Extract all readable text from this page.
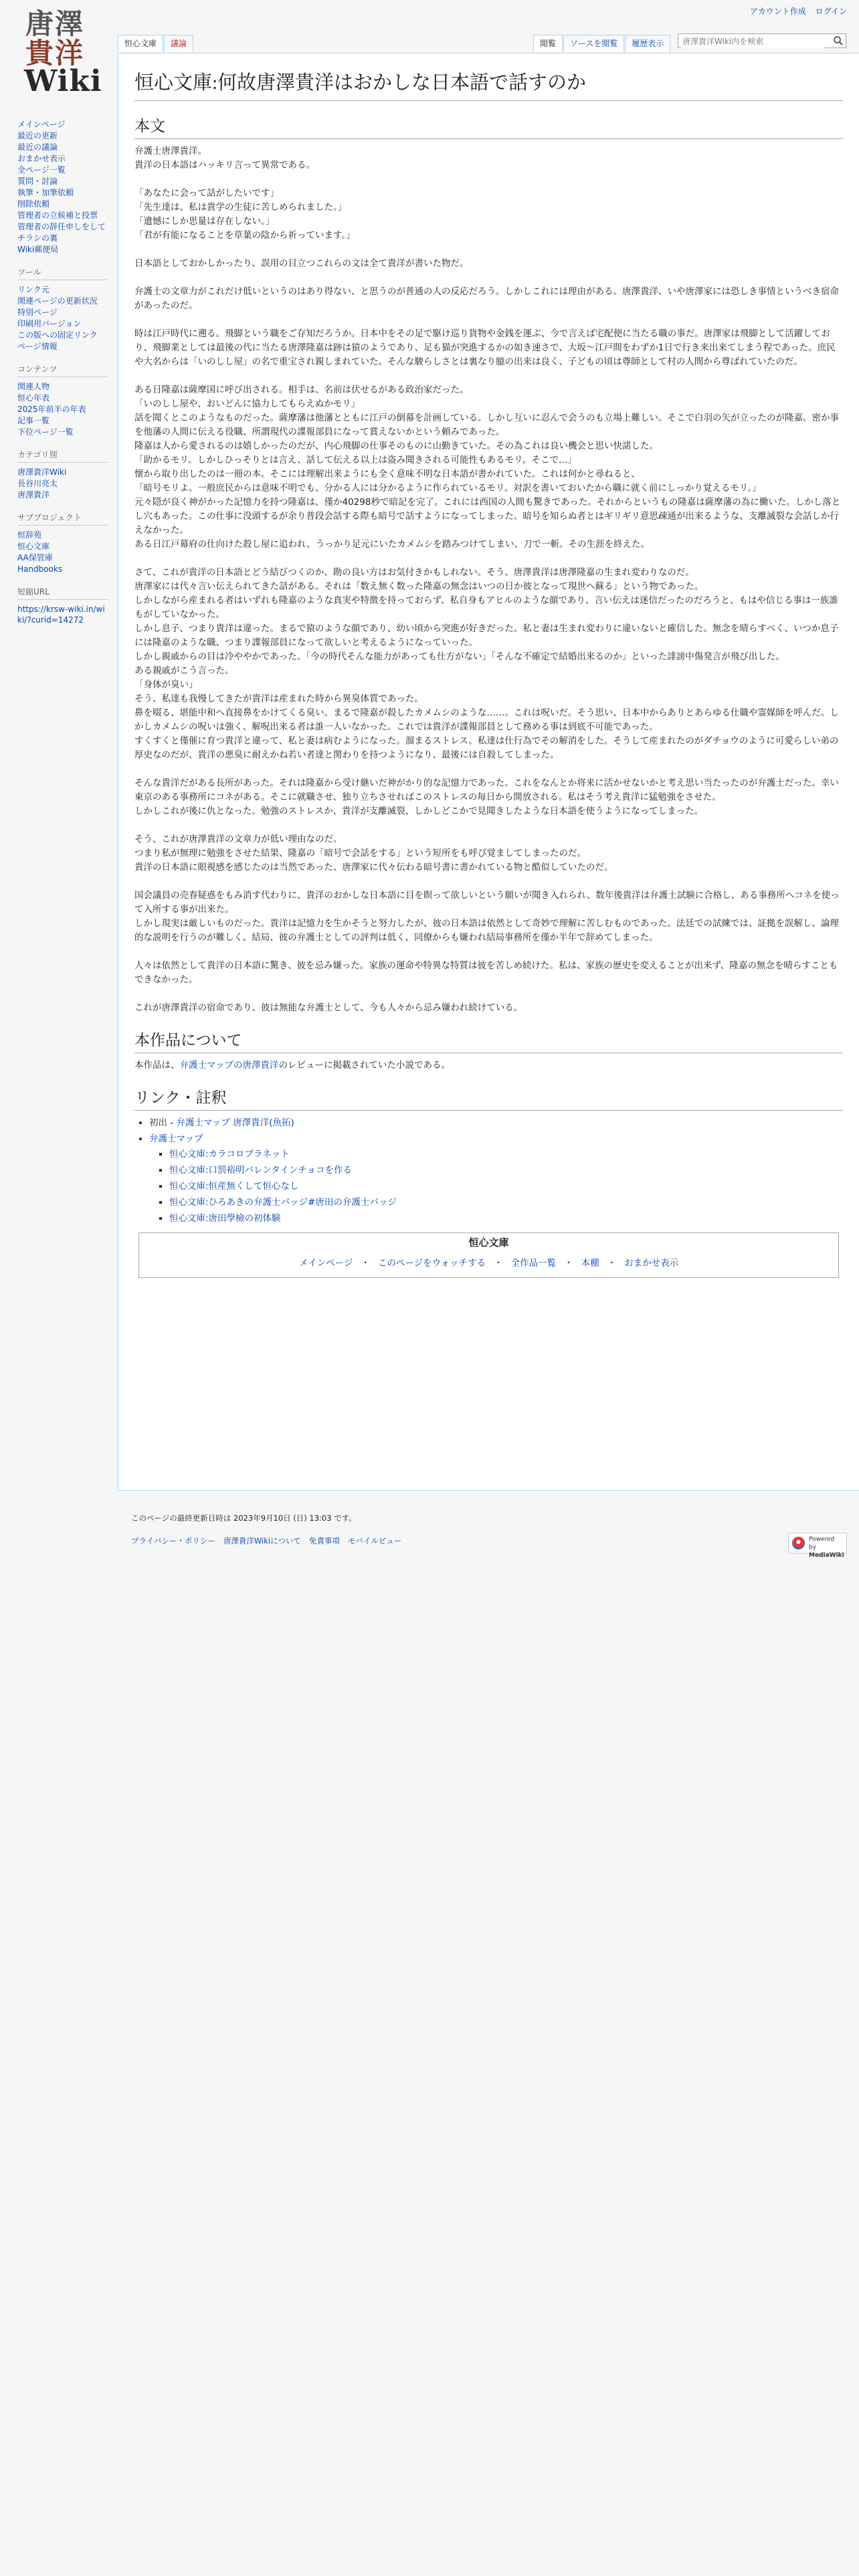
アカウント作成 ログイン
唐澤
貴洋
Wiki
メインページ
最近の更新
最近の議論
おまかせ表示
全ページ一覧
質問・討論
執筆・加筆依頼
削除依頼
管理者の立候補と投票
管理者の辞任申しをして
チラシの裏
Wiki郵便局
ツール
リンク元
関連ページの更新状況
特別ページ
印刷用バージョン
この版への固定リンク
ページ情報
コンテンツ
関連人物
恒心年表
2025年前半の年表
記事一覧
下位ページ一覧
カテゴリ別
唐澤貴洋Wiki
長谷川亮太
唐澤貴洋
サブプロジェクト
恒辞苑
恒心文庫
AA保管庫
Handbooks
短縮URL
https://krsw-wiki.in/wiki/?curid=14272
恒心文庫	議論	閲覧	ソースを閲覧	履歴表示
唐澤貴洋Wiki内を検索
恒心文庫:何故唐澤貴洋はおかしな日本語で話すのか
本文

弁護士唐澤貴洋。
貴洋の日本語はハッキリ言って異常である。

「あなたに会って話がしたいです」
「先生達は、私は貴学の生徒に苦しめられました。」
「遺憾にしか思量は存在しない。」
「君が有能になることを草葉の陰から祈っています。」

日本語としておかしかったり、誤用の目立つこれらの文は全て貴洋が書いた物だ。

弁護士の文章力がこれだけ低いというのはあり得ない、と思うのが普通の人の反応だろう。しかしこれには理由がある。唐澤貴洋、いや唐澤家には恐しき事情というべき宿命があったのだ。

時は江戸時代に遡る。飛脚という職をご存知だろうか。日本中をその足で駆け巡り貨物や金銭を運ぶ、今で言えば宅配便に当たる職の事だ。唐澤家は飛脚として活躍しており、飛脚業としては最後の代に当たる唐澤隆嘉は跡は猿のようであり、足も猫が突進するかの如き速さで、大坂〜江戸間をわずか1日で行き来出来てしまう程であった。庶民や大名からは「いのしし屋」の名で重宝され親しまれていた。そんな駿らしさとは裏なり臆の出来は良く、子どもの頃は尊師として村の人間から尊ばれていたのだ。

ある日隆嘉は薩摩国に呼び出される。相手は、名前は伏せるがある政治家だった。
「いのしし屋や、おいどんに協力してもらえぬかモリ」
話を聞くとこのようなものだった。薩摩藩は他藩とともに江戸の倒幕を計画している。しかし互いに忍んで会うのも立場上難しい。そこで白羽の矢が立ったのが隆嘉。密か事を他藩の人間に伝える役職、所謂現代の諜報部員になって賞えないかという頼みであった。
隆嘉は人から愛されるのは嬉しかったのだが、内心飛脚の仕事そのものに山勤きていた。その為これは良い機会と思い快諾した。
「助かるモリ。しかしひっそりとは言え、話して伝える以上は盗み聞きされる可能性もあるモリ。そこで…」
懐から取り出したのは一冊の本。そこには理解出来ようにも全く意味不明な日本語が書かれていた。これは何かと尋ねると、
「暗号モリよ。一般庶民からは意味不明でも、分かる人には分かるように作られているモリ。対訳を書いておいたから職に就く前にしっかり覚えるモリ。」
元々隠が良く神がかった記憶力を持つ隆嘉は、僅か40298秒で暗記を完了。これには西国の人間も驚きであった。それからというもの隆嘉は薩摩藩の為に働いた。しかし落とし穴もあった。この仕事に没頭するが余り普段会話する際も暗号で話すようになってしまった。暗号を知らぬ者とはギリギリ意思疎通が出来るような、支離滅裂な会話しか行えなかった。
ある日江戸幕府の仕向けた殺し屋に追われ、うっかり足元にいたカメムシを踏みつけてしまい、刀で一斬。その生涯を終えた。

さて、これが貴洋の日本語とどう結びつくのか、勘の良い方はお気付きかもしれない。そう、唐澤貴洋は唐澤隆嘉の生まれ変わりなのだ。
唐澤家には代々言い伝えられてきた話がある。それは「数え無く数った隆嘉の無念はいつの日か彼となって現世へ蘇る」という物であった。
しかしながら産まれる者はいずれも隆嘉のような真実や特徴を持っておらず、私自身もアヒルのような顔であり、言い伝えは迷信だったのだろうと、もはや信じる事は一族誰もがしていなかった。
しかし息子、つまり貴洋は違った。まるで猿のような顔であり、幼い頃から突進が好きだった。私と妻は生まれ変わりに違いないと確信した。無念を晴らすべく、いつか息子には隆嘉のような職、つまり諜報部員になって欲しいと考えるようになっていった。
しかし親戚からの目は冷ややかであった。「今の時代そんな能力があっても仕方がない」「そんな不確定で結婚出来るのか」といった誹謗中傷発言が飛び出した。
ある親戚がこう言った。
「身体が臭い」
そう、私達も我慢してきたが貴洋は産まれた時から異臭体質であった。
鼻を啜る、堪能中和へ直接鼻をかけてくる臭い。まるで隆嘉が殺したカメムシのような……。これは呪いだ。そう思い、日本中からありとあらゆる仕職や霊媒師を呼んだ。しかしカメムシの呪いは強く、解呪出来る者は誰一人いなかった。これでは貴洋が諜報部員として務める事は到底不可能であった。
すくすくと僅催に育つ貴洋と違って、私と妻は病むようになった。溜まるストレス。私達は仕行為でその解消をした。そうして産まれたのがダチョウのように可愛らしい弟の厚史なのだが、貴洋の悪臭に耐えかね若い者達と関わりを持つようになり、最後には自殺してしまった。

そんな貴洋だがある長所があった。それは隆嘉から受け継いだ神がかり的な記憶力であった。これをなんとか将来に活かせないかと考え思い当たったのが弁護士だった。幸い東京のある事務所にコネがある。そこに就職させ、独り立ちさせればこのストレスの毎日から開放される。私はそう考え貴洋に猛勉強をさせた。
しかしこれが後に仇となった。勉強のストレスか、貴洋が支離滅裂、しかしどこかで見聞きしたような日本語を使うようになってしまった。

そう、これが唐澤貴洋の文章力が低い理由なのだ。
つまり私が無理に勉強をさせた結果、隆嘉の「暗号で会話をする」という短所をも呼び覚ましてしまったのだ。
貴洋の日本語に眼視感を感じたのは当然であった、唐澤家に代々伝わる暗号書に書かれている物と酷似していたのだ。

国会議員の売春疑惑をもみ消す代わりに、貴洋のおかしな日本語に目を瞑って欲しいという願いが聞き入れられ、数年後貴洋は弁護士試験に合格し、ある事務所へコネを使って入所する事が出来た。
しかし現実は厳しいものだった。貴洋は記憶力を生かそうと努力したが、彼の日本語は依然として奇妙で理解に苦しむものであった。法廷での試練では、証拠を誤解し、論理的な説明を行うのが難しく、結局、彼の弁護士としての評判は低く、同僚からも嫌われ結局事務所を僅か半年で辞めてしまった。

人々は依然として貴洋の日本語に驚き、彼を忌み嫌った。家族の運命や特異な特質は彼を苦しめ続けた。私は、家族の歴史を変えることが出来ず、隆嘉の無念を晴らすこともできなかった。

これが唐澤貴洋の宿命であり、彼は無能な弁護士として、今も人々から忌み嫌われ続けている。

本作品について

本作品は、弁護士マップの唐澤貴洋のレビューに掲載されていた小説である。

リンク・註釈
• 初出 - 弁護士マップ 唐澤貴洋(魚拓)
• 弁護士マップ
▪ 恒心文庫:カラコロプラネット
▪ 恒心文庫:口罰裕明バレンタインチョコを作る
▪ 恒心文庫:恒産無くして恒心なし
▪ 恒心文庫:ひろあきの弁護士バッジ#唐田の弁護士バッジ
▪ 恒心文庫:唐田學檢の初体験
恒心文庫
メインページ ・ このページをウォッチする ・ 全作品一覧 ・ 本棚 ・ おまかせ表示
このページの最終更新日時は 2023年9月10日 (日) 13:03 です。
プライバシー・ポリシー 唐澤貴洋Wikiについて 免責事項 モバイルビュー	Powered by
MediaWiki
